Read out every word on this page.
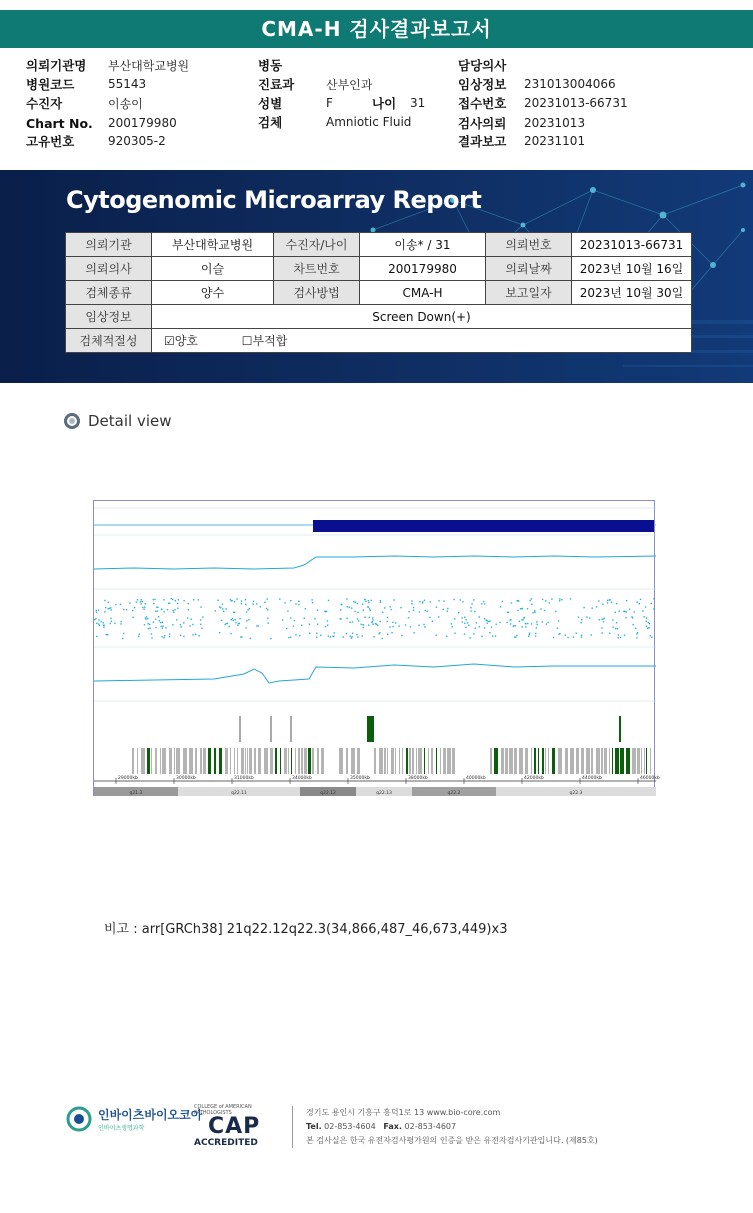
CMA-H 검사결과보고서
의뢰기관명	부산대학교병원
병원코드	55143
수진자	이송이
Chart No.	200179980
고유번호	920305-2
병동
진료과	산부인과
성별	F	나이	31
검체	Amniotic Fluid
담당의사
임상정보	231013004066
접수번호	20231013-66731
검사의뢰	20231013
결과보고	20231101
Cytogenomic Microarray Report
의뢰기관	부산대학교병원	수진자/나이	이송* / 31	의뢰번호	20231013-66731
의뢰의사	이슬	차트번호	200179980	의뢰날짜	2023년 10월 16일
검체종류	양수	검사방법	CMA-H	보고일자	2023년 10월 30일
임상정보	Screen Down(+)				
검체적절성	☑양호 ☐부적합				
Detail view
29000kb	30000kb	31000kb	34000kb	35000kb	38000kb	40000kb	42000kb	44000kb	46000kb
q21.3	q22.11	q22.12	q22.13	q22.2	q22.3
비고 : arr[GRCh38] 21q22.12q22.3(34,866,487_46,673,449)x3
인바이츠바이오코아
인바이츠생명과학
COLLEGE of AMERICAN PATHOLOGISTS
CAP
ACCREDITED
경기도 용인시 기흥구 흥덕1로 13 www.bio-core.com
Tel. 02-853-4604 Fax. 02-853-4607
본 검사실은 한국 유전자검사평가원의 인증을 받은 유전자검사기관입니다. (제85호)
